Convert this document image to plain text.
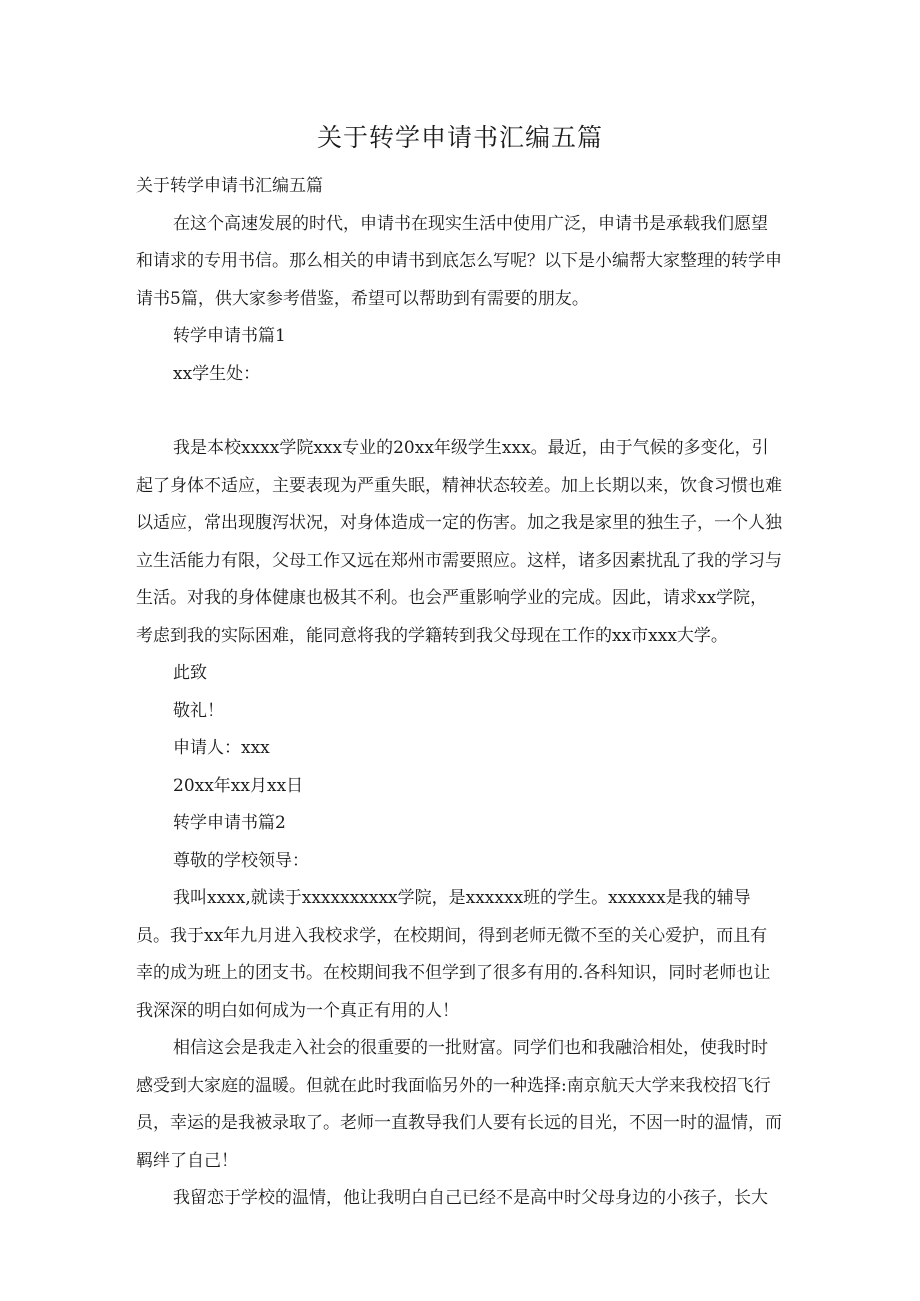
关于转学申请书汇编五篇

关于转学申请书汇编五篇

在这个高速发展的时代，申请书在现实生活中使用广泛，申请书是承载我们愿望和请求的专用书信。那么相关的申请书到底怎么写呢？以下是小编帮大家整理的转学申请书5篇，供大家参考借鉴，希望可以帮助到有需要的朋友。

转学申请书篇1

xx学生处：

我是本校xxxx学院xxx专业的20xx年级学生xxx。最近，由于气候的多变化，引起了身体不适应，主要表现为严重失眠，精神状态较差。加上长期以来，饮食习惯也难以适应，常出现腹泻状况，对身体造成一定的伤害。加之我是家里的独生子，一个人独立生活能力有限，父母工作又远在郑州市需要照应。这样，诸多因素扰乱了我的学习与生活。对我的身体健康也极其不利。也会严重影响学业的完成。因此，请求xx学院，考虑到我的实际困难，能同意将我的学籍转到我父母现在工作的xx市xxx大学。

此致

敬礼！

申请人：xxx

20xx年xx月xx日

转学申请书篇2

尊敬的学校领导：

我叫xxxx,就读于xxxxxxxxxx学院，是xxxxxx班的学生。xxxxxx是我的辅导员。我于xx年九月进入我校求学，在校期间，得到老师无微不至的关心爱护，而且有幸的成为班上的团支书。在校期间我不但学到了很多有用的.各科知识，同时老师也让我深深的明白如何成为一个真正有用的人！

相信这会是我走入社会的很重要的一批财富。同学们也和我融洽相处，使我时时感受到大家庭的温暖。但就在此时我面临另外的一种选择:南京航天大学来我校招飞行员，幸运的是我被录取了。老师一直教导我们人要有长远的目光，不因一时的温情，而羁绊了自己！

我留恋于学校的温情，他让我明白自己已经不是高中时父母身边的小孩子，长大
